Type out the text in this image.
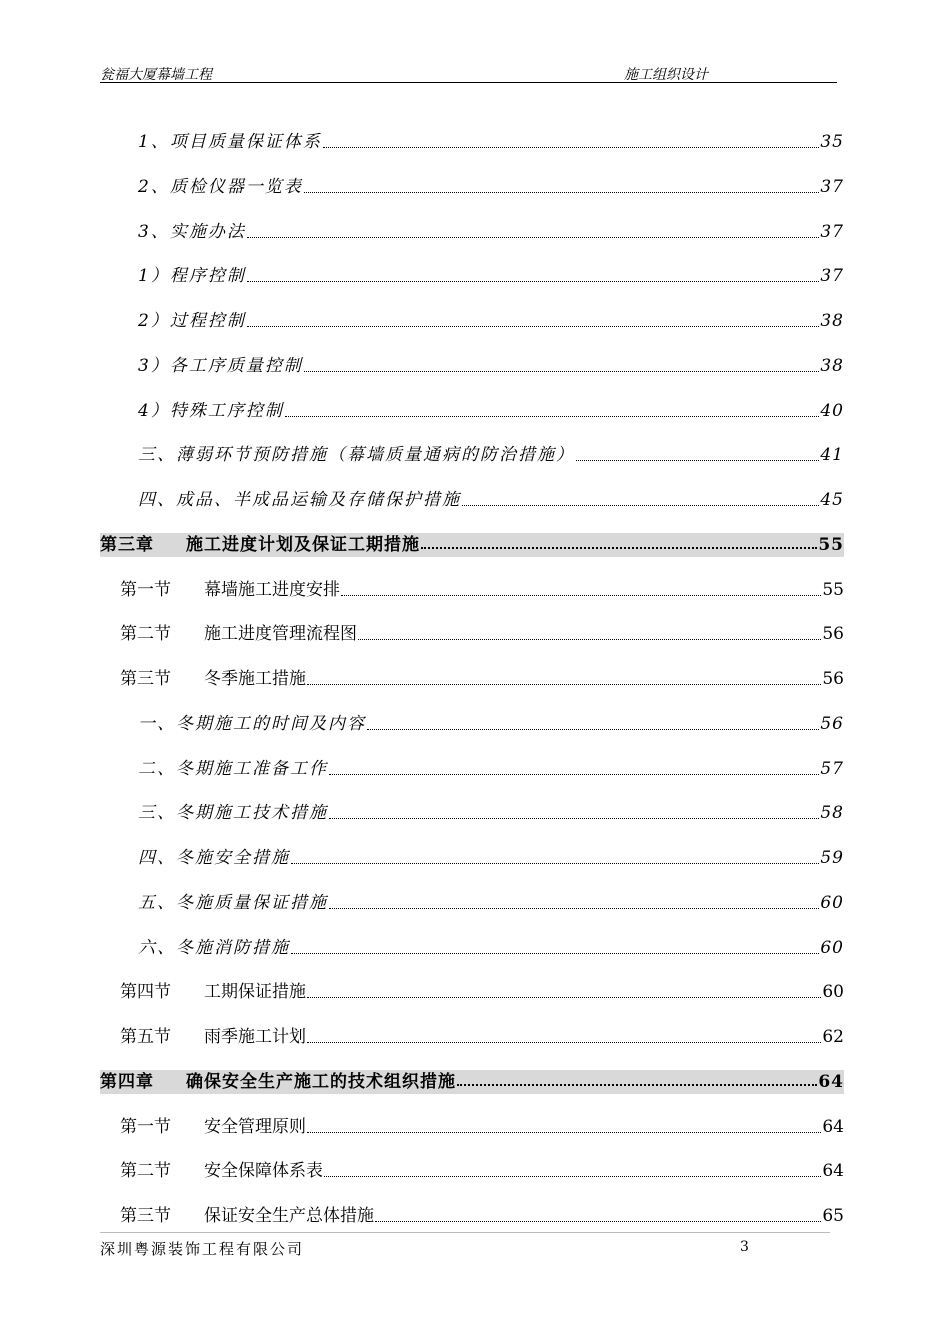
瓮福大厦幕墙工程	施工组织设计
1、项目质量保证体系	35
2、质检仪器一览表	37
3、实施办法	37
1）程序控制	37
2）过程控制	38
3）各工序质量控制	38
4）特殊工序控制	40
三、薄弱环节预防措施（幕墙质量通病的防治措施）	41
四、成品、半成品运输及存储保护措施	45
第三章 施工进度计划及保证工期措施	55
第一节 幕墙施工进度安排	55
第二节 施工进度管理流程图	56
第三节 冬季施工措施	56
一、冬期施工的时间及内容	56
二、冬期施工准备工作	57
三、冬期施工技术措施	58
四、冬施安全措施	59
五、冬施质量保证措施	60
六、冬施消防措施	60
第四节 工期保证措施	60
第五节 雨季施工计划	62
第四章 确保安全生产施工的技术组织措施	64
第一节 安全管理原则	64
第二节 安全保障体系表	64
第三节 保证安全生产总体措施	65
深圳粤源装饰工程有限公司	3
